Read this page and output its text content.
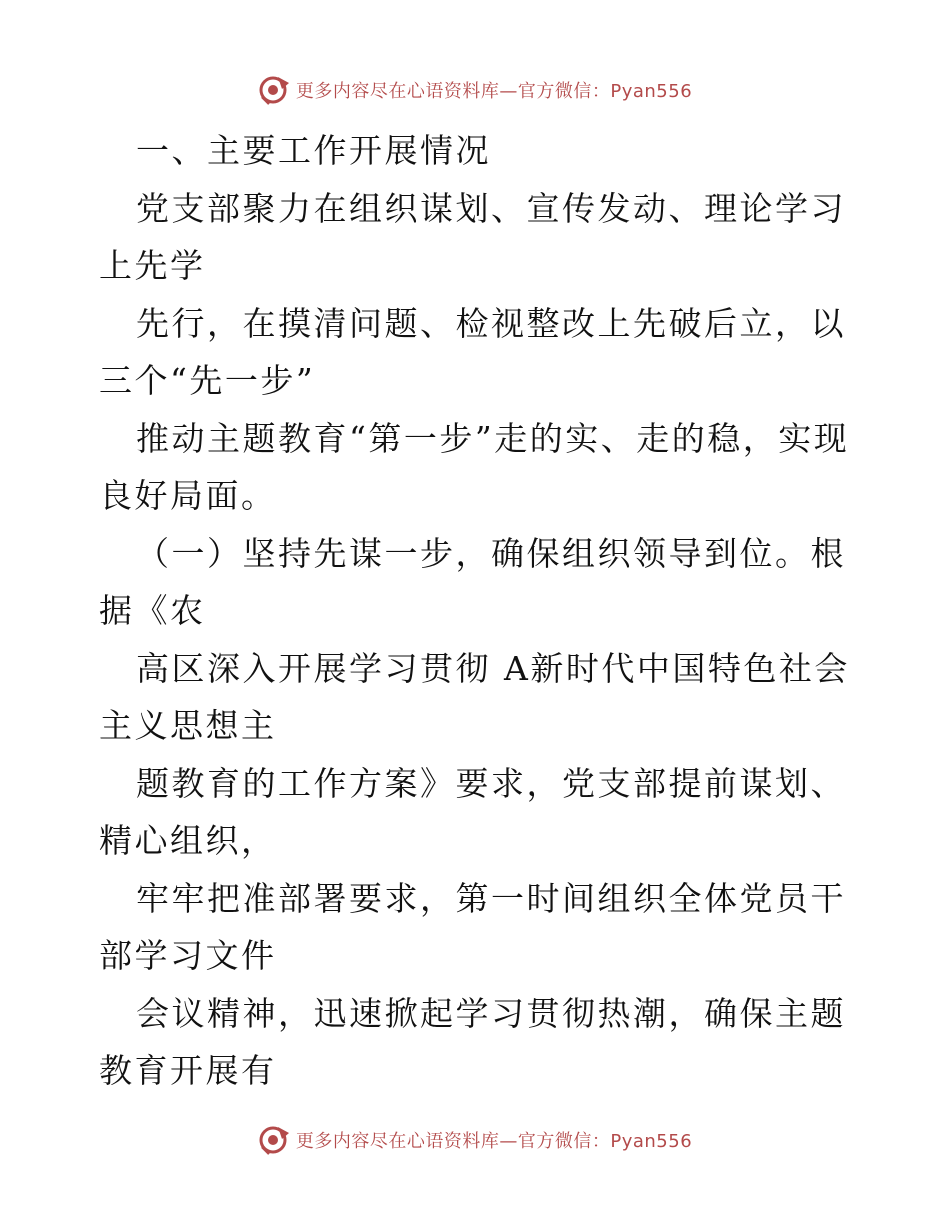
更多内容尽在心语资料库—官方微信：Pyan556

一、主要工作开展情况

党支部聚力在组织谋划、宣传发动、理论学习上先学

先行，在摸清问题、检视整改上先破后立，以三个“先一步”

推动主题教育“第一步”走的实、走的稳，实现良好局面。

（一）坚持先谋一步，确保组织领导到位。根据《农

高区深入开展学习贯彻 A新时代中国特色社会主义思想主

题教育的工作方案》要求，党支部提前谋划、精心组织，

牢牢把准部署要求，第一时间组织全体党员干部学习文件

会议精神，迅速掀起学习贯彻热潮，确保主题教育开展有

更多内容尽在心语资料库—官方微信：Pyan556
